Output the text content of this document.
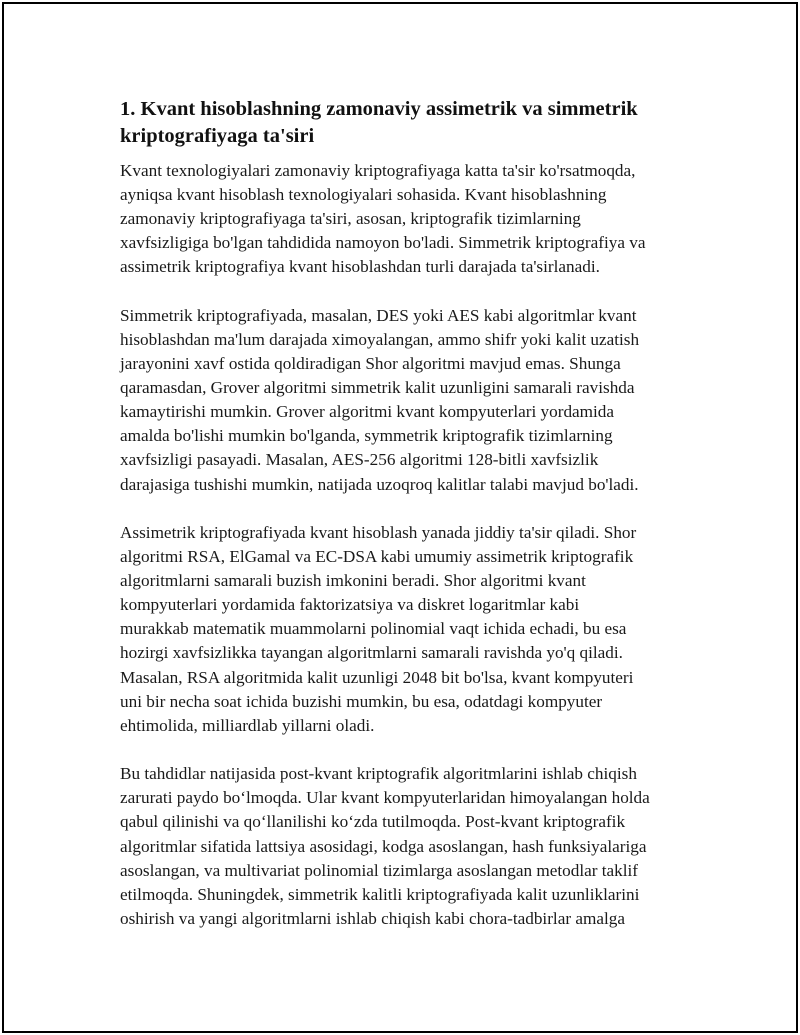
1. Kvant hisoblashning zamonaviy assimetrik va simmetrik
kriptografiyaga ta'siri

Kvant texnologiyalari zamonaviy kriptografiyaga katta ta'sir ko'rsatmoqda,
ayniqsa kvant hisoblash texnologiyalari sohasida. Kvant hisoblashning
zamonaviy kriptografiyaga ta'siri, asosan, kriptografik tizimlarning
xavfsizligiga bo'lgan tahdidida namoyon bo'ladi. Simmetrik kriptografiya va
assimetrik kriptografiya kvant hisoblashdan turli darajada ta'sirlanadi.

Simmetrik kriptografiyada, masalan, DES yoki AES kabi algoritmlar kvant
hisoblashdan ma'lum darajada ximoyalangan, ammo shifr yoki kalit uzatish
jarayonini xavf ostida qoldiradigan Shor algoritmi mavjud emas. Shunga
qaramasdan, Grover algoritmi simmetrik kalit uzunligini samarali ravishda
kamaytirishi mumkin. Grover algoritmi kvant kompyuterlari yordamida
amalda bo'lishi mumkin bo'lganda, symmetrik kriptografik tizimlarning
xavfsizligi pasayadi. Masalan, AES-256 algoritmi 128-bitli xavfsizlik
darajasiga tushishi mumkin, natijada uzoqroq kalitlar talabi mavjud bo'ladi.

Assimetrik kriptografiyada kvant hisoblash yanada jiddiy ta'sir qiladi. Shor
algoritmi RSA, ElGamal va EC-DSA kabi umumiy assimetrik kriptografik
algoritmlarni samarali buzish imkonini beradi. Shor algoritmi kvant
kompyuterlari yordamida faktorizatsiya va diskret logaritmlar kabi
murakkab matematik muammolarni polinomial vaqt ichida echadi, bu esa
hozirgi xavfsizlikka tayangan algoritmlarni samarali ravishda yo'q qiladi.
Masalan, RSA algoritmida kalit uzunligi 2048 bit bo'lsa, kvant kompyuteri
uni bir necha soat ichida buzishi mumkin, bu esa, odatdagi kompyuter
ehtimolida, milliardlab yillarni oladi.

Bu tahdidlar natijasida post-kvant kriptografik algoritmlarini ishlab chiqish
zarurati paydo bo‘lmoqda. Ular kvant kompyuterlaridan himoyalangan holda
qabul qilinishi va qo‘llanilishi ko‘zda tutilmoqda. Post-kvant kriptografik
algoritmlar sifatida lattsiya asosidagi, kodga asoslangan, hash funksiyalariga
asoslangan, va multivariat polinomial tizimlarga asoslangan metodlar taklif
etilmoqda. Shuningdek, simmetrik kalitli kriptografiyada kalit uzunliklarini
oshirish va yangi algoritmlarni ishlab chiqish kabi chora-tadbirlar amalga
